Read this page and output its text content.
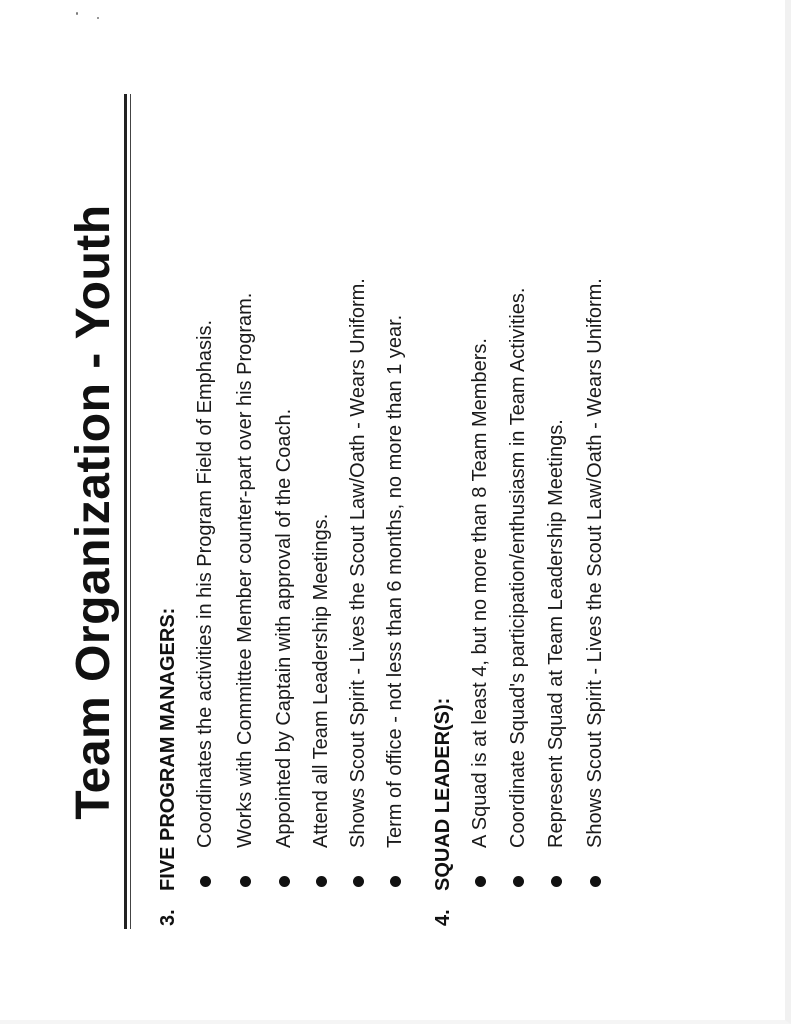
Team Organization - Youth
3.
FIVE PROGRAM MANAGERS: Coordinates the activities in his Program Field of Emphasis. Works with Committee Member counter-part over his Program. Appointed by Captain with approval of the Coach. Attend all Team Leadership Meetings. Shows Scout Spirit - Lives the Scout Law/Oath - Wears Uniform. Term of office - not less than 6 months, no more than 1 year.
4.
SQUAD LEADER(S): A Squad is at least 4, but no more than 8 Team Members. Coordinate Squad's participation/enthusiasm in Team Activities. Represent Squad at Team Leadership Meetings. Shows Scout Spirit - Lives the Scout Law/Oath - Wears Uniform.
